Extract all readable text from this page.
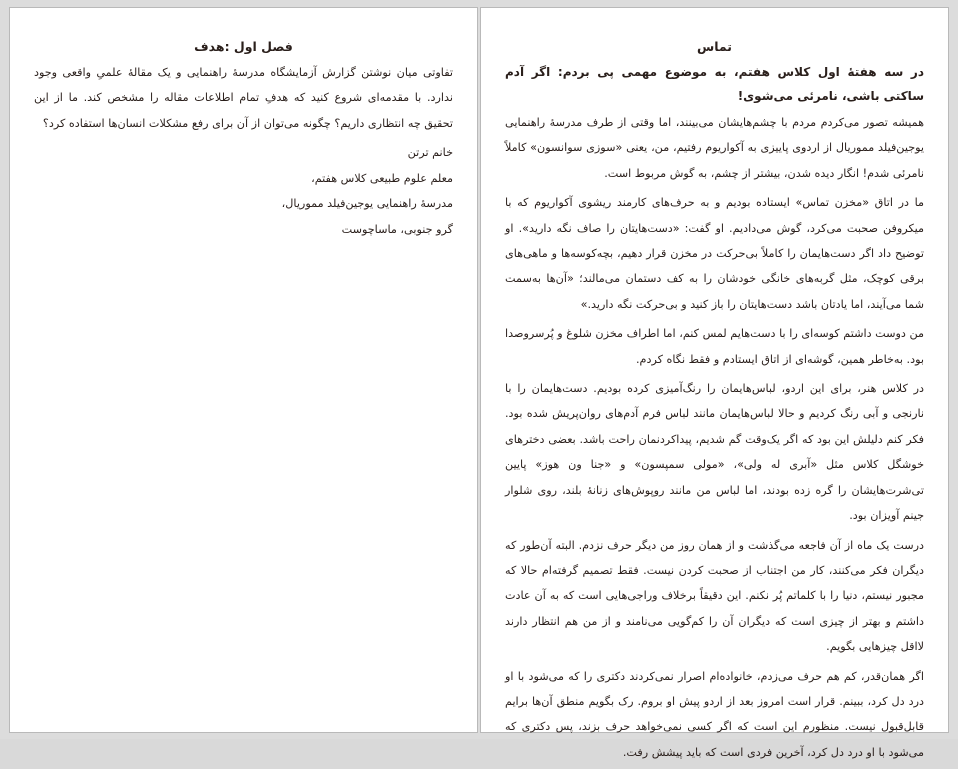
فصل اول :هدف

تفاوتی میان نوشتن گزارش آزمایشگاه مدرسهٔ راهنمایی و یک مقالهٔ علمیِ واقعی وجود ندارد. با مقدمه‌ای شروع کنید که هدفِ تمام اطلاعات مقاله را مشخص کند. ما از این تحقیق چه انتظاری داریم؟ چگونه می‌توان از آن برای رفع مشکلات انسان‌ها استفاده کرد؟

خانم ترتن

معلم علوم طبیعی کلاس هفتم،

مدرسهٔ راهنمایی یوجین‌فیلد مموریال،

گرو جنوبی، ماساچوست

تماس

در سه هفتهٔ اول کلاس هفتم، به موضوع مهمی پی بردم: اگر آدم ساکتی باشی، نامرئی می‌شوی!

همیشه تصور می‌کردم مردم با چشم‌هایشان می‌بینند، اما وقتی از طرف مدرسهٔ راهنمایی یوجین‌فیلد مموریال از اردوی پاییزی به آکواریوم رفتیم، من، یعنی «سوزی سوانسون» کاملاً نامرئی شدم! انگار دیده شدن، بیشتر از چشم، به گوش مربوط است.

ما در اتاق «مخزن تماس» ایستاده بودیم و به حرف‌های کارمند ریشوی آکواریوم که با میکروفن صحبت می‌کرد، گوش می‌دادیم. او گفت: «دست‌هایتان را صاف نگه دارید». او توضیح داد اگر دست‌هایمان را کاملاً بی‌حرکت در مخزن قرار دهیم، بچه‌کوسه‌ها و ماهی‌های برقی کوچک، مثل گربه‌های خانگی خودشان را به کف دستمان می‌مالند؛ «آن‌ها به‌سمت شما می‌آیند، اما یادتان باشد دست‌هایتان را باز کنید و بی‌حرکت نگه دارید.»

من دوست داشتم کوسه‌ای را با دست‌هایم لمس کنم، اما اطراف مخزن شلوغ و پُرسروصدا بود. به‌خاطر همین، گوشه‌ای از اتاق ایستادم و فقط نگاه کردم.

در کلاس هنر، برای این اردو، لباس‌هایمان را رنگ‌آمیزی کرده بودیم. دست‌هایمان را با نارنجی و آبی رنگ کردیم و حالا لباس‌هایمان مانند لباس فرم آدم‌های روان‌پریش شده بود. فکر کنم دلیلش این بود که اگر یک‌وقت گم شدیم، پیداکردنمان راحت باشد. بعضی دخترهای خوشگل کلاس مثل «آبری له ولی»، «مولی سمپسون» و «جنا ون هوز» پایین تی‌شرت‌هایشان را گره زده بودند، اما لباس من مانند روپوش‌های زنانهٔ بلند، روی شلوار جینم آویزان بود.

درست یک ماه از آن فاجعه می‌گذشت و از همان روز من دیگر حرف نزدم. البته آن‌طور که دیگران فکر می‌کنند، کار من اجتناب از صحبت کردن نیست. فقط تصمیم گرفته‌ام حالا که مجبور نیستم، دنیا را با کلماتم پُر نکنم. این دقیقاً برخلاف وراجی‌هایی است که به آن عادت داشتم و بهتر از چیزی است که دیگران آن را کم‌گویی می‌نامند و از من هم انتظار دارند لااقل چیزهایی بگویم.

اگر همان‌قدر، کم هم حرف می‌زدم، خانواده‌ام اصرار نمی‌کردند دکتری را که می‌شود با او درد دل کرد، ببینم. قرار است امروز بعد از اردو پیش او بروم. رک بگویم منطق آن‌ها برایم قابل‌قبول نیست. منظورم این است که اگر کسی نمی‌خواهد حرف بزند، پس دکتری که می‌شود با او درد دل کرد، آخرین فردی است که باید پیشش رفت.
